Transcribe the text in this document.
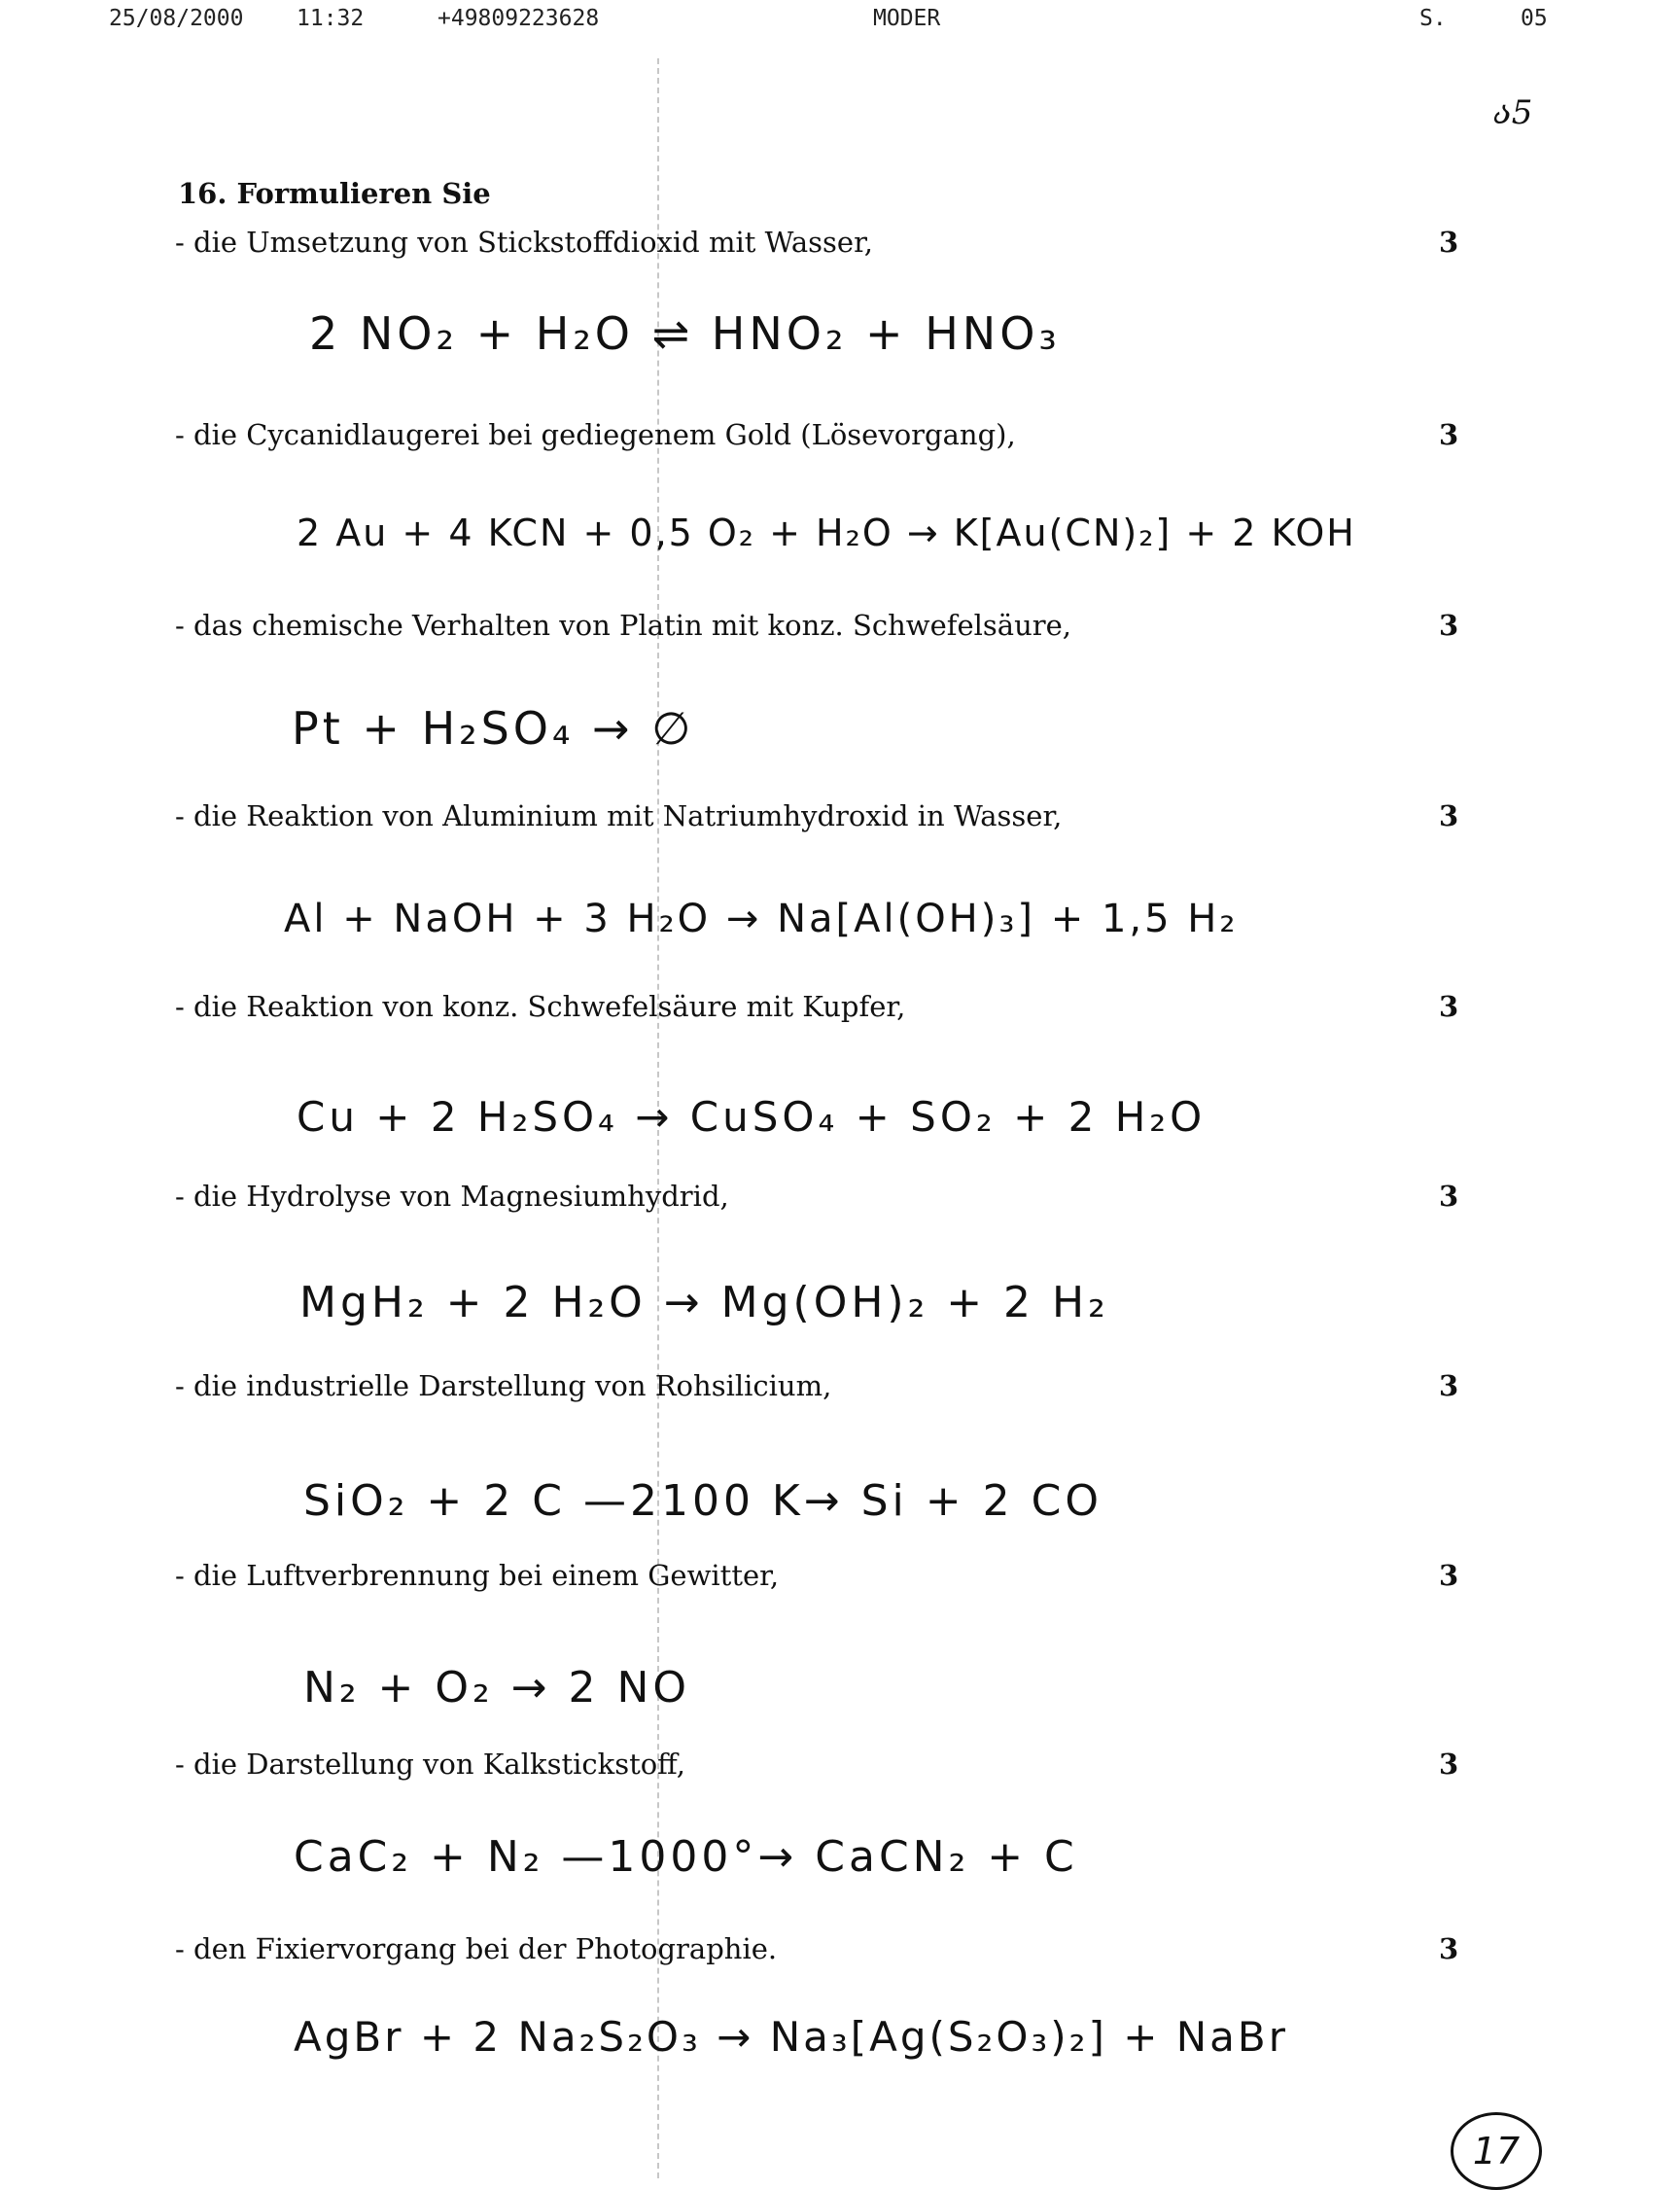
25/08/2000 11:32	+49809223628	MODER	S.	05
ა5
16. Formulieren Sie
- die Umsetzung von Stickstoffdioxid mit Wasser,	3
2 NO₂ + H₂O ⇌ HNO₂ + HNO₃
- die Cycanidlaugerei bei gediegenem Gold (Lösevorgang),	3
2 Au + 4 KCN + 0,5 O₂ + H₂O → K[Au(CN)₂] + 2 KOH
- das chemische Verhalten von Platin mit konz. Schwefelsäure,	3
Pt + H₂SO₄ → ∅
- die Reaktion von Aluminium mit Natriumhydroxid in Wasser,	3
Al + NaOH + 3 H₂O → Na[Al(OH)₃] + 1,5 H₂
- die Reaktion von konz. Schwefelsäure mit Kupfer,	3
Cu + 2 H₂SO₄ → CuSO₄ + SO₂ + 2 H₂O
- die Hydrolyse von Magnesiumhydrid,	3
MgH₂ + 2 H₂O → Mg(OH)₂ + 2 H₂
- die industrielle Darstellung von Rohsilicium,	3
SiO₂ + 2 C —2100 K→ Si + 2 CO
- die Luftverbrennung bei einem Gewitter,	3
N₂ + O₂ → 2 NO
- die Darstellung von Kalkstickstoff,	3
CaC₂ + N₂ —1000°→ CaCN₂ + C
- den Fixiervorgang bei der Photographie.	3
AgBr + 2 Na₂S₂O₃ → Na₃[Ag(S₂O₃)₂] + NaBr
17
